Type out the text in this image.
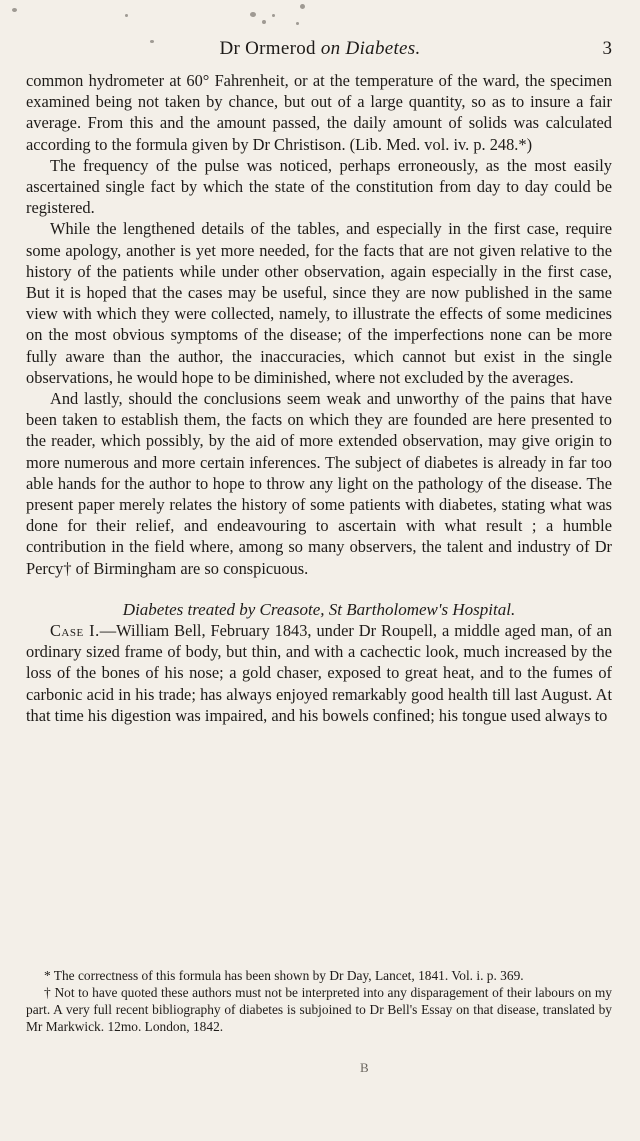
Dr Ormerod on Diabetes.	3

common hydrometer at 60° Fahrenheit, or at the temperature of the ward, the specimen examined being not taken by chance, but out of a large quantity, so as to insure a fair average. From this and the amount passed, the daily amount of solids was calculated according to the formula given by Dr Christison. (Lib. Med. vol. iv. p. 248.*)

The frequency of the pulse was noticed, perhaps erroneously, as the most easily ascertained single fact by which the state of the constitution from day to day could be registered.

While the lengthened details of the tables, and especially in the first case, require some apology, another is yet more needed, for the facts that are not given relative to the history of the patients while under other observation, again especially in the first case, But it is hoped that the cases may be useful, since they are now published in the same view with which they were collected, namely, to illustrate the effects of some medicines on the most obvious symptoms of the disease; of the imperfections none can be more fully aware than the author, the inaccuracies, which cannot but exist in the single observations, he would hope to be diminished, where not excluded by the averages.

And lastly, should the conclusions seem weak and unworthy of the pains that have been taken to establish them, the facts on which they are founded are here presented to the reader, which possibly, by the aid of more extended observation, may give origin to more numerous and more certain inferences. The subject of diabetes is already in far too able hands for the author to hope to throw any light on the pathology of the disease. The present paper merely relates the history of some patients with diabetes, stating what was done for their relief, and endeavouring to ascertain with what result ; a humble contribution in the field where, among so many observers, the talent and industry of Dr Percy† of Birmingham are so conspicuous.

Diabetes treated by Creasote, St Bartholomew's Hospital.

Case I.—William Bell, February 1843, under Dr Roupell, a middle aged man, of an ordinary sized frame of body, but thin, and with a cachectic look, much increased by the loss of the bones of his nose; a gold chaser, exposed to great heat, and to the fumes of carbonic acid in his trade; has always enjoyed remarkably good health till last August. At that time his digestion was impaired, and his bowels confined; his tongue used always to

* The correctness of this formula has been shown by Dr Day, Lancet, 1841. Vol. i. p. 369.

† Not to have quoted these authors must not be interpreted into any disparagement of their labours on my part. A very full recent bibliography of diabetes is subjoined to Dr Bell's Essay on that disease, translated by Mr Markwick. 12mo. London, 1842.

B
